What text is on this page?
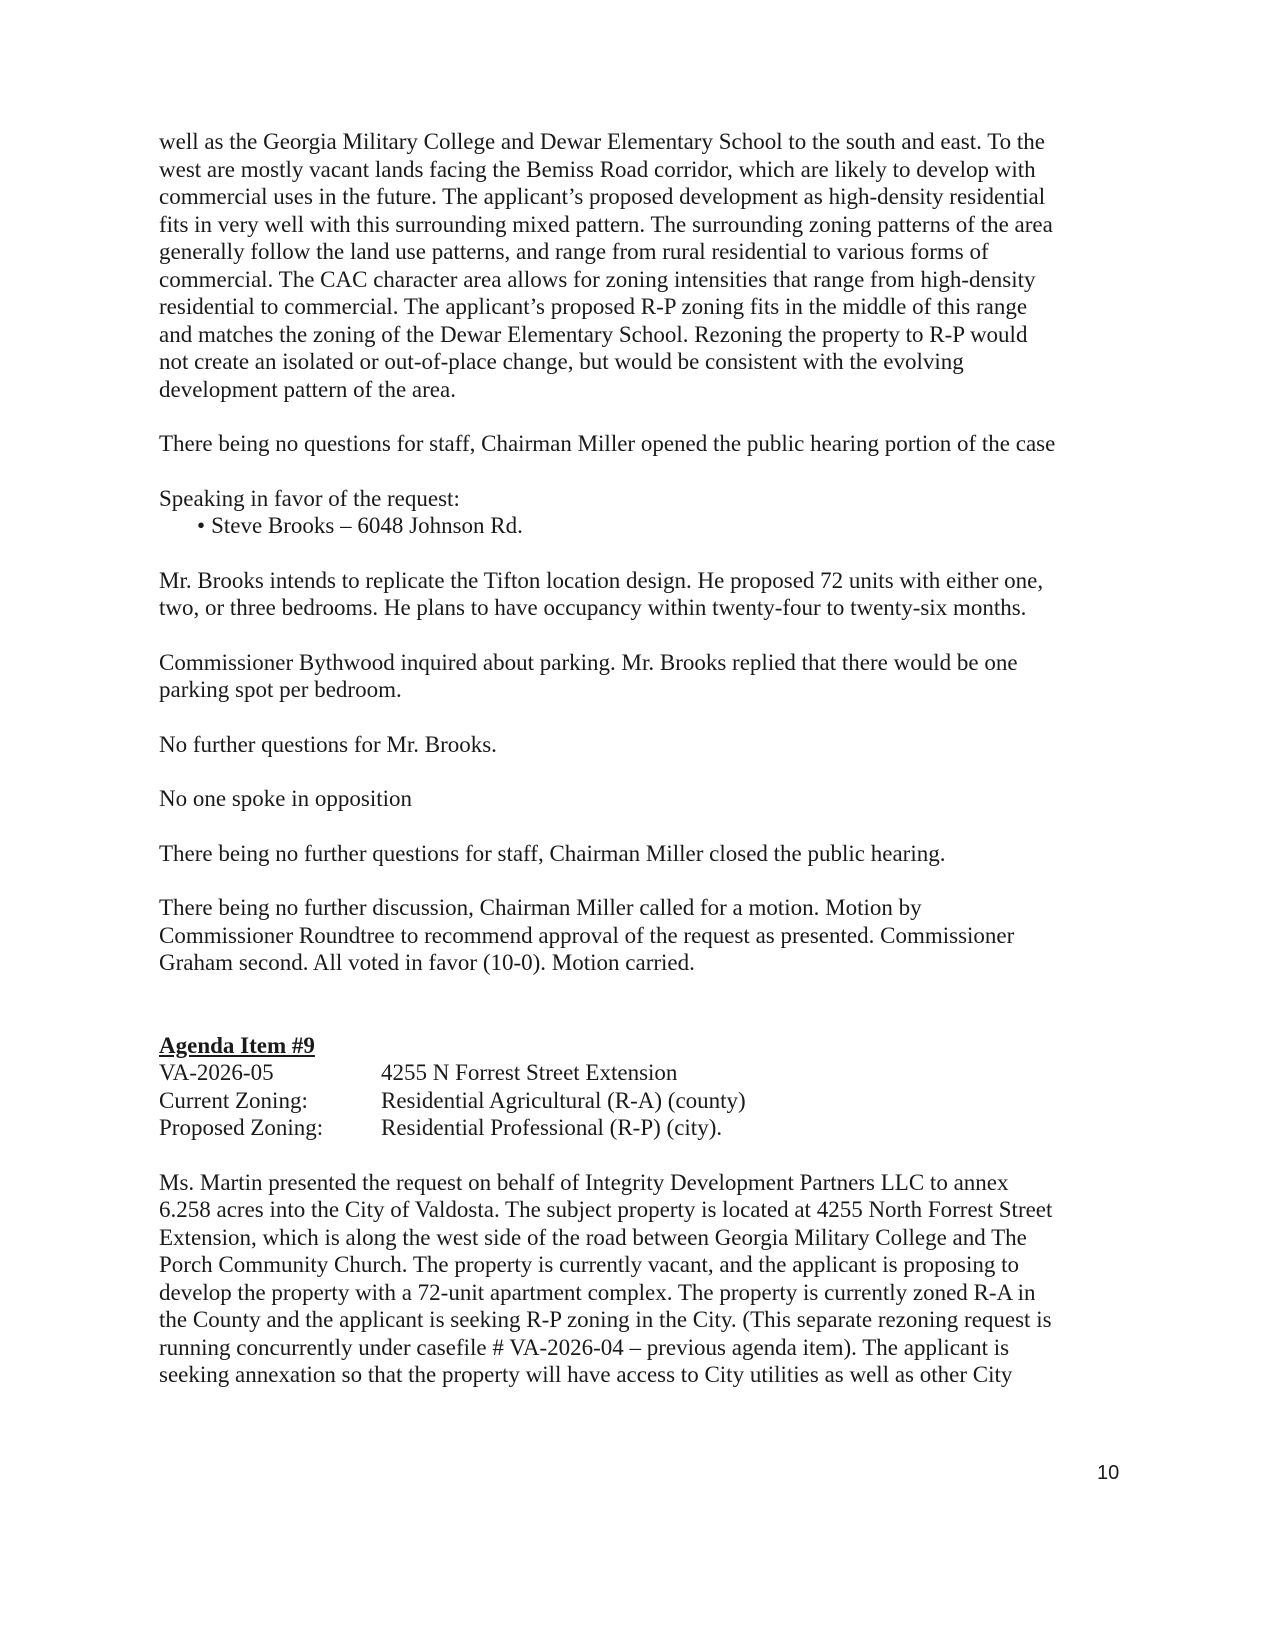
well as the Georgia Military College and Dewar Elementary School to the south and east. To the
west are mostly vacant lands facing the Bemiss Road corridor, which are likely to develop with
commercial uses in the future. The applicant’s proposed development as high-density residential
fits in very well with this surrounding mixed pattern. The surrounding zoning patterns of the area
generally follow the land use patterns, and range from rural residential to various forms of
commercial. The CAC character area allows for zoning intensities that range from high-density
residential to commercial. The applicant’s proposed R-P zoning fits in the middle of this range
and matches the zoning of the Dewar Elementary School. Rezoning the property to R-P would
not create an isolated or out-of-place change, but would be consistent with the evolving
development pattern of the area.

There being no questions for staff, Chairman Miller opened the public hearing portion of the case

Speaking in favor of the request:

• Steve Brooks – 6048 Johnson Rd.

Mr. Brooks intends to replicate the Tifton location design. He proposed 72 units with either one,
two, or three bedrooms. He plans to have occupancy within twenty-four to twenty-six months.

Commissioner Bythwood inquired about parking. Mr. Brooks replied that there would be one
parking spot per bedroom.

No further questions for Mr. Brooks.

No one spoke in opposition

There being no further questions for staff, Chairman Miller closed the public hearing.

There being no further discussion, Chairman Miller called for a motion. Motion by
Commissioner Roundtree to recommend approval of the request as presented. Commissioner
Graham second. All voted in favor (10-0). Motion carried.

Agenda Item #9

VA-2026-05	4255 N Forrest Street Extension
Current Zoning:	Residential Agricultural (R-A) (county)
Proposed Zoning:	Residential Professional (R-P) (city).

Ms. Martin presented the request on behalf of Integrity Development Partners LLC to annex
6.258 acres into the City of Valdosta. The subject property is located at 4255 North Forrest Street
Extension, which is along the west side of the road between Georgia Military College and The
Porch Community Church. The property is currently vacant, and the applicant is proposing to
develop the property with a 72-unit apartment complex. The property is currently zoned R-A in
the County and the applicant is seeking R-P zoning in the City. (This separate rezoning request is
running concurrently under casefile # VA-2026-04 – previous agenda item). The applicant is
seeking annexation so that the property will have access to City utilities as well as other City

10
